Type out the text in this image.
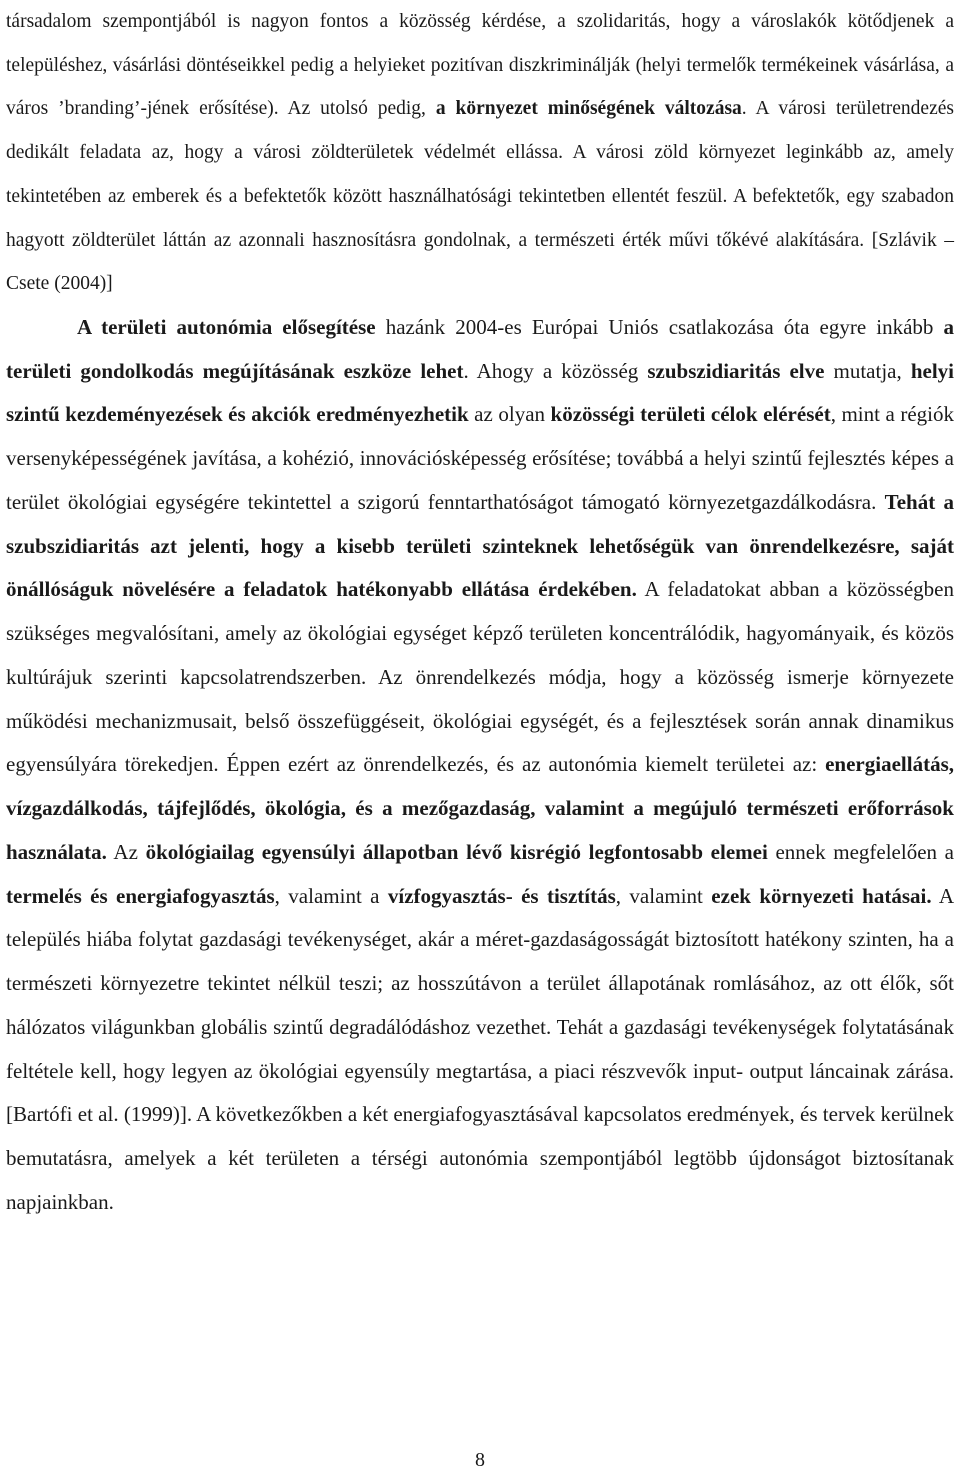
társadalom szempontjából is nagyon fontos a közösség kérdése, a szolidaritás, hogy a városlakók kötődjenek a településhez, vásárlási döntéseikkel pedig a helyieket pozitívan diszkriminálják (helyi termelők termékeinek vásárlása, a város ’branding’-jének erősítése). Az utolsó pedig, a környezet minőségének változása. A városi területrendezés dedikált feladata az, hogy a városi zöldterületek védelmét ellássa. A városi zöld környezet leginkább az, amely tekintetében az emberek és a befektetők között használhatósági tekintetben ellentét feszül. A befektetők, egy szabadon hagyott zöldterület láttán az azonnali hasznosításra gondolnak, a természeti érték művi tőkévé alakítására. [Szlávik – Csete (2004)]
A területi autonómia elősegítése hazánk 2004-es Európai Uniós csatlakozása óta egyre inkább a területi gondolkodás megújításának eszköze lehet. Ahogy a közösség szubszidiaritás elve mutatja, helyi szintű kezdeményezések és akciók eredményezhetik az olyan közösségi területi célok elérését, mint a régiók versenyképességének javítása, a kohézió, innovációsképesség erősítése; továbbá a helyi szintű fejlesztés képes a terület ökológiai egységére tekintettel a szigorú fenntarthatóságot támogató környezetgazdálkodásra. Tehát a szubszidiaritás azt jelenti, hogy a kisebb területi szinteknek lehetőségük van önrendelkezésre, saját önállóságuk növelésére a feladatok hatékonyabb ellátása érdekében. A feladatokat abban a közösségben szükséges megvalósítani, amely az ökológiai egységet képző területen koncentrálódik, hagyományaik, és közös kultúrájuk szerinti kapcsolatrendszerben. Az önrendelkezés módja, hogy a közösség ismerje környezete működési mechanizmusait, belső összefüggéseit, ökológiai egységét, és a fejlesztések során annak dinamikus egyensúlyára törekedjen. Éppen ezért az önrendelkezés, és az autonómia kiemelt területei az: energiaellátás, vízgazdálkodás, tájfejlődés, ökológia, és a mezőgazdaság, valamint a megújuló természeti erőforrások használata. Az ökológiailag egyensúlyi állapotban lévő kisrégió legfontosabb elemei ennek megfelelően a termelés és energiafogyasztás, valamint a vízfogyasztás- és tisztítás, valamint ezek környezeti hatásai. A település hiába folytat gazdasági tevékenységet, akár a méret-gazdaságosságát biztosított hatékony szinten, ha a természeti környezetre tekintet nélkül teszi; az hosszútávon a terület állapotának romlásához, az ott élők, sőt hálózatos világunkban globális szintű degradálódáshoz vezethet. Tehát a gazdasági tevékenységek folytatásának feltétele kell, hogy legyen az ökológiai egyensúly megtartása, a piaci részvevők input- output láncainak zárása. [Bartófi et al. (1999)]. A következőkben a két energiafogyasztásával kapcsolatos eredmények, és tervek kerülnek bemutatásra, amelyek a két területen a térségi autonómia szempontjából legtöbb újdonságot biztosítanak napjainkban.
8
